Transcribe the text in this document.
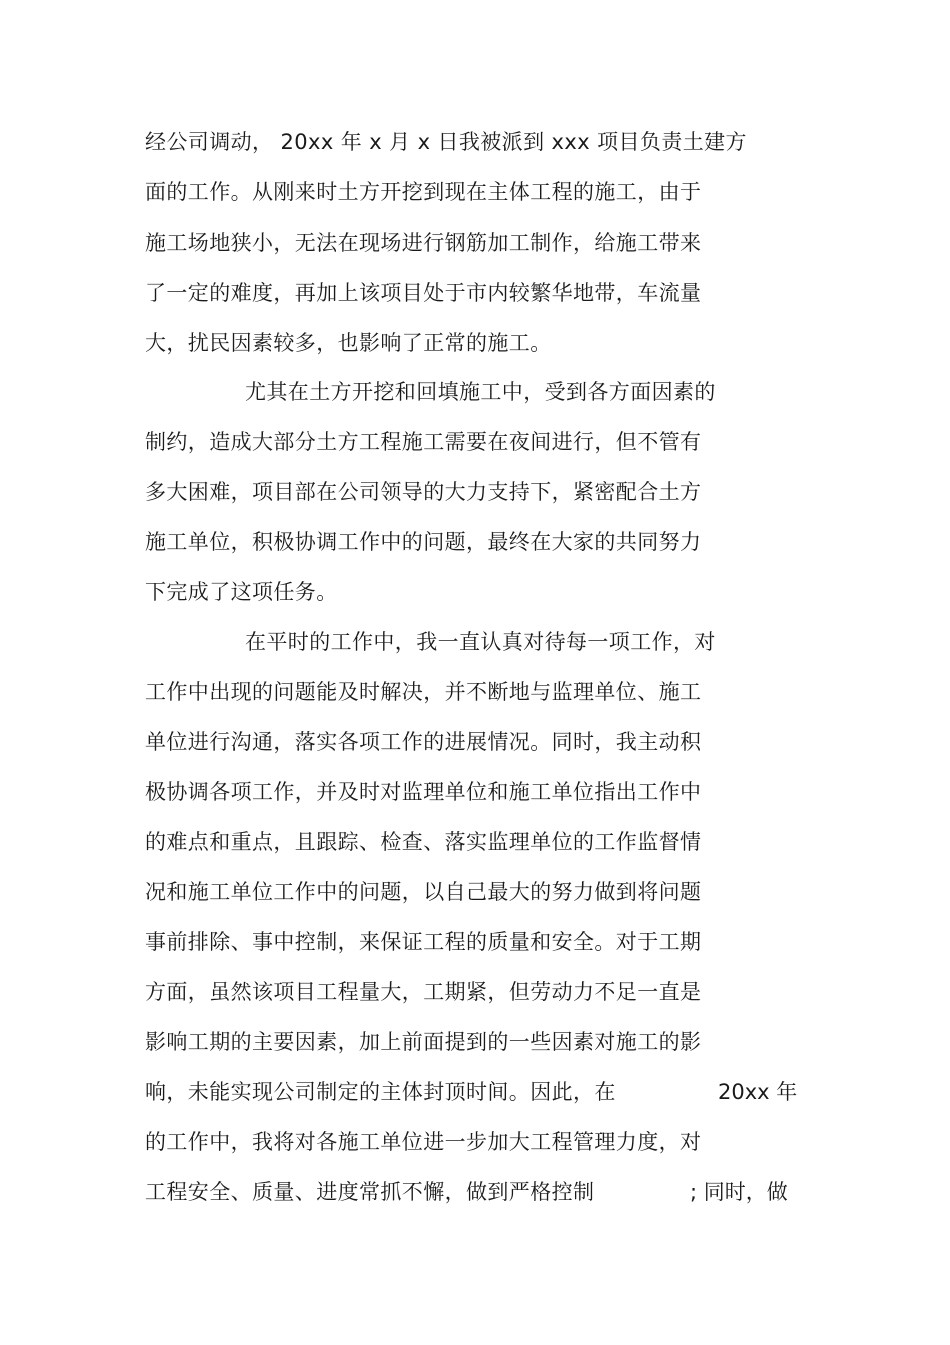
经公司调动， 20xx 年 x 月 x 日我被派到 xxx 项目负责土建方
面的工作。从刚来时土方开挖到现在主体工程的施工，由于
施工场地狭小，无法在现场进行钢筋加工制作，给施工带来
了一定的难度，再加上该项目处于市内较繁华地带，车流量
大，扰民因素较多，也影响了正常的施工。
尤其在土方开挖和回填施工中，受到各方面因素的
制约，造成大部分土方工程施工需要在夜间进行，但不管有
多大困难，项目部在公司领导的大力支持下，紧密配合土方
施工单位，积极协调工作中的问题，最终在大家的共同努力
下完成了这项任务。
在平时的工作中，我一直认真对待每一项工作，对
工作中出现的问题能及时解决，并不断地与监理单位、施工
单位进行沟通，落实各项工作的进展情况。同时，我主动积
极协调各项工作，并及时对监理单位和施工单位指出工作中
的难点和重点，且跟踪、检查、落实监理单位的工作监督情
况和施工单位工作中的问题，以自己最大的努力做到将问题
事前排除、事中控制，来保证工程的质量和安全。对于工期
方面，虽然该项目工程量大，工期紧，但劳动力不足一直是
影响工期的主要因素，加上前面提到的一些因素对施工的影
响，未能实现公司制定的主体封顶时间。因此，在	20xx 年
的工作中，我将对各施工单位进一步加大工程管理力度，对
工程安全、质量、进度常抓不懈，做到严格控制	; 同时，做
